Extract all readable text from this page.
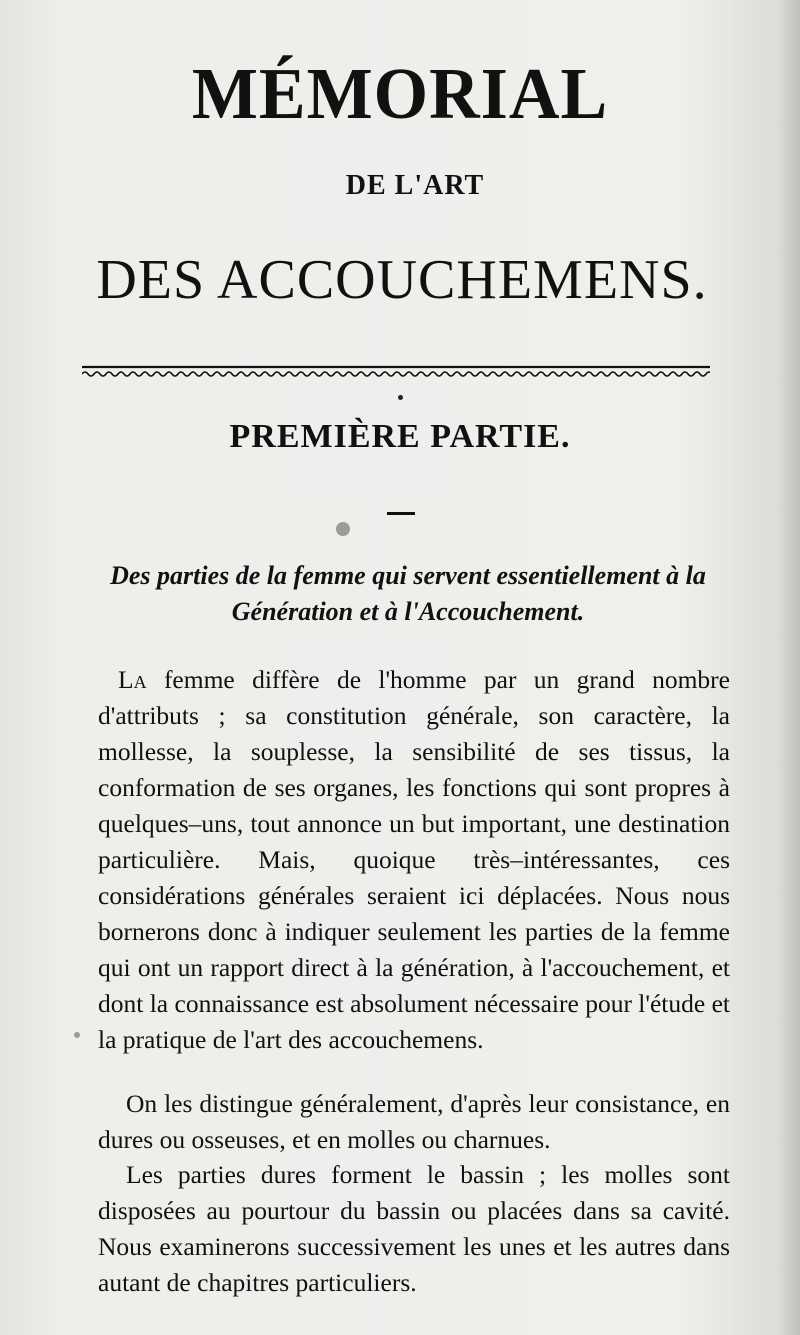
MÉMORIAL
DE L'ART
DES ACCOUCHEMENS.
PREMIÈRE PARTIE.
Des parties de la femme qui servent essentiellement à la
Génération et à l'Accouchement.
La femme diffère de l'homme par un grand nombre d'attributs ; sa constitution générale, son caractère, la mollesse, la souplesse, la sensibilité de ses tissus, la conformation de ses organes, les fonctions qui sont propres à quelques–uns, tout annonce un but important, une destination particulière. Mais, quoique très–intéressantes, ces considérations générales seraient ici déplacées. Nous nous bornerons donc à indiquer seulement les parties de la femme qui ont un rapport direct à la génération, à l'accouchement, et dont la connaissance est absolument nécessaire pour l'étude et la pratique de l'art des accouchemens.
On les distingue généralement, d'après leur consistance, en dures ou osseuses, et en molles ou charnues.
Les parties dures forment le bassin ; les molles sont disposées au pourtour du bassin ou placées dans sa cavité. Nous examinerons successivement les unes et les autres dans autant de chapitres particuliers.
